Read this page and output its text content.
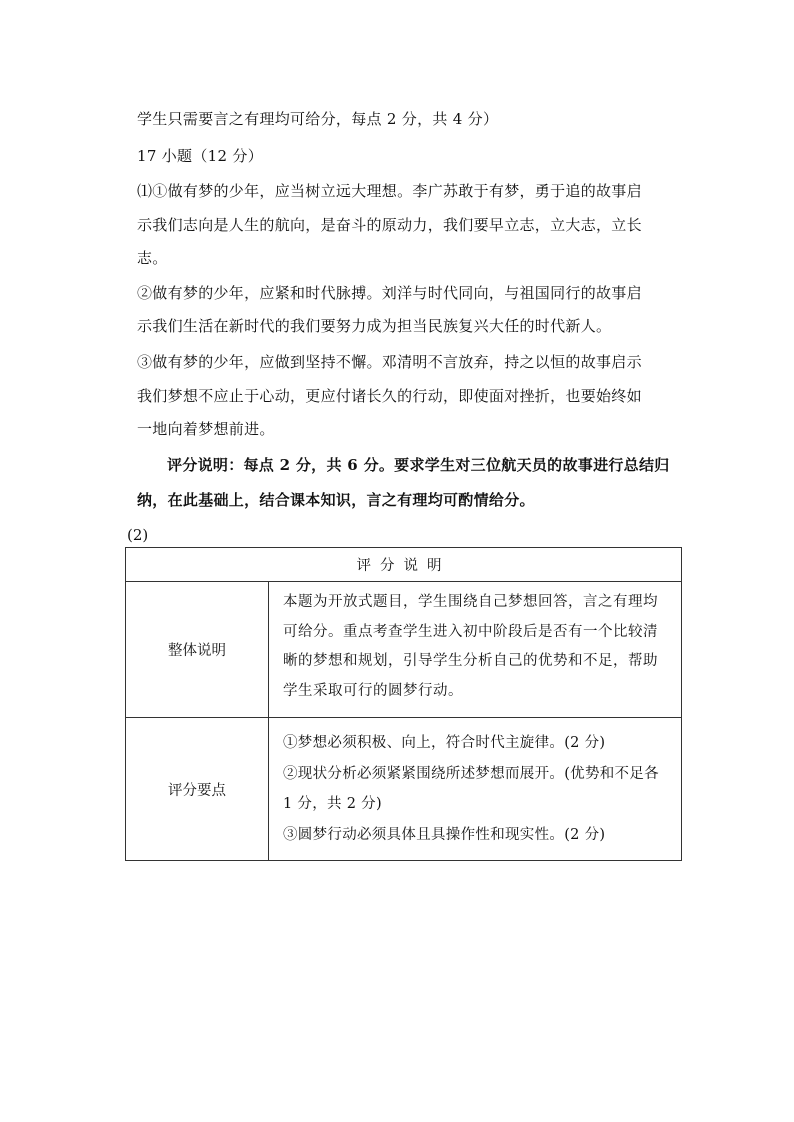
学生只需要言之有理均可给分，每点 2 分，共 4 分）
17 小题（12 分）
⑴①做有梦的少年，应当树立远大理想。李广苏敢于有梦，勇于追的故事启
示我们志向是人生的航向，是奋斗的原动力，我们要早立志，立大志，立长
志。
②做有梦的少年，应紧和时代脉搏。刘洋与时代同向，与祖国同行的故事启
示我们生活在新时代的我们要努力成为担当民族复兴大任的时代新人。
③做有梦的少年，应做到坚持不懈。邓清明不言放弃，持之以恒的故事启示
我们梦想不应止于心动，更应付诸长久的行动，即使面对挫折，也要始终如
一地向着梦想前进。
评分说明：每点 2 分，共 6 分。要求学生对三位航天员的故事进行总结归
纳，在此基础上，结合课本知识，言之有理均可酌情给分。
(2)
评分说明	
整体说明	本题为开放式题目，学生围绕自己梦想回答，言之有理均可给分。重点考查学生进入初中阶段后是否有一个比较清晰的梦想和规划，引导学生分析自己的优势和不足，帮助学生采取可行的圆梦行动。

评分要点	①梦想必须积极、向上，符合时代主旋律。(2 分)
②现状分析必须紧紧围绕所述梦想而展开。(优势和不足各 1 分，共 2 分)
③圆梦行动必须具体且具操作性和现实性。(2 分)
